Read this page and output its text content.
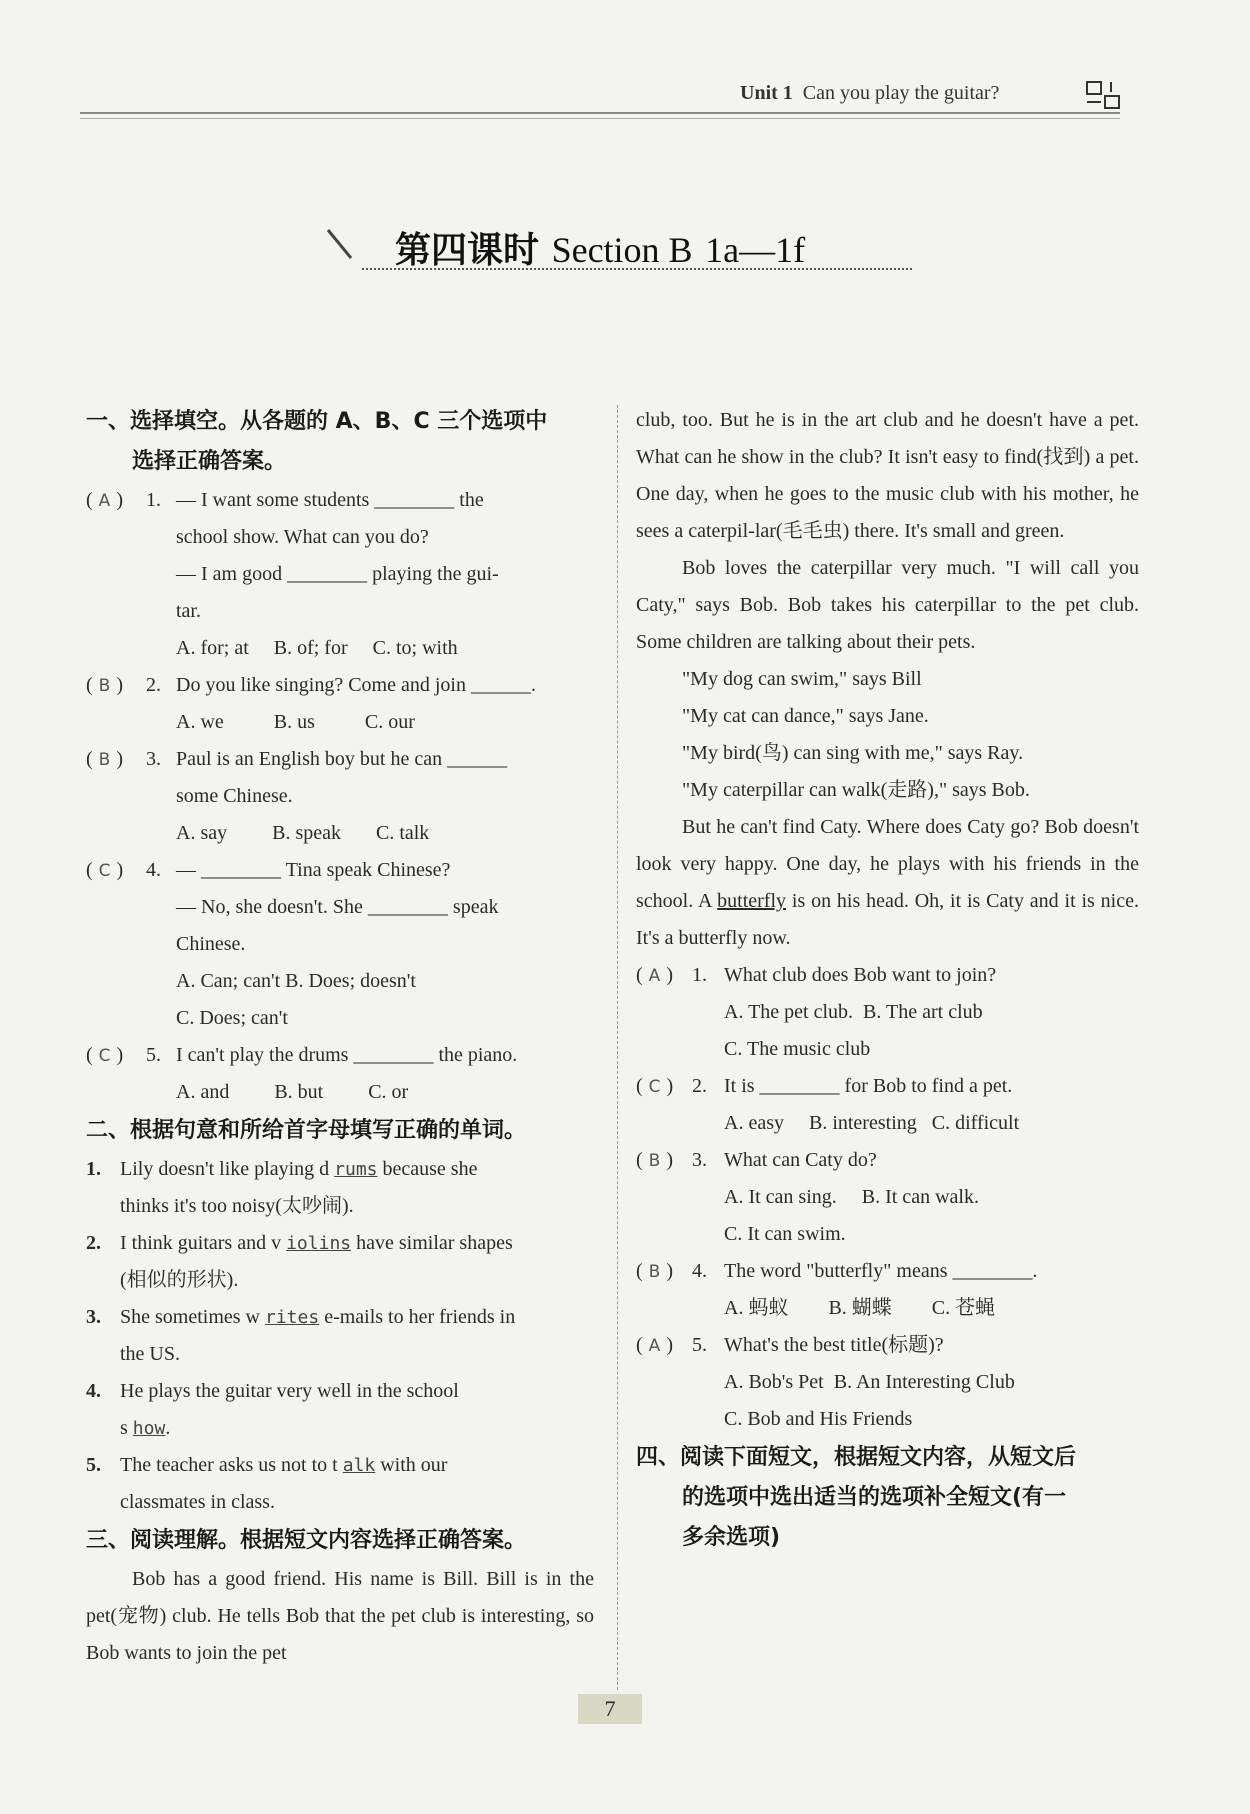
Unit 1 Can you play the guitar?
第四课时 Section B 1a—1f
一、选择填空。从各题的 A、B、C 三个选项中
选择正确答案。
( A ) 1. — I want some students ________ the
school show. What can you do?
— I am good ________ playing the gui-
tar.
A. for; at     B. of; for     C. to; with
( B ) 2. Do you like singing? Come and join ______.
A. we          B. us          C. our
( B ) 3. Paul is an English boy but he can ______
some Chinese.
A. say         B. speak       C. talk
( C ) 4. — ________ Tina speak Chinese?
— No, she doesn't. She ________ speak
Chinese.
A. Can; can't B. Does; doesn't
C. Does; can't
( C ) 5. I can't play the drums ________ the piano.
A. and         B. but         C. or
二、根据句意和所给首字母填写正确的单词。
1. Lily doesn't like playing d rums because she
thinks it's too noisy(太吵闹).
2. I think guitars and v iolins have similar shapes
(相似的形状).
3. She sometimes w rites e-mails to her friends in
the US.
4. He plays the guitar very well in the school
s how.
5. The teacher asks us not to t alk with our
classmates in class.
三、阅读理解。根据短文内容选择正确答案。
Bob has a good friend. His name is Bill. Bill is in the pet(宠物) club. He tells Bob that the pet club is interesting, so Bob wants to join the pet
club, too. But he is in the art club and he doesn't have a pet. What can he show in the club? It isn't easy to find(找到) a pet. One day, when he goes to the music club with his mother, he sees a caterpil-lar(毛毛虫) there. It's small and green.
Bob loves the caterpillar very much. "I will call you Caty," says Bob. Bob takes his caterpillar to the pet club. Some children are talking about their pets.
"My dog can swim," says Bill
"My cat can dance," says Jane.
"My bird(鸟) can sing with me," says Ray.
"My caterpillar can walk(走路)," says Bob.
But he can't find Caty. Where does Caty go? Bob doesn't look very happy. One day, he plays with his friends in the school. A butterfly is on his head. Oh, it is Caty and it is nice. It's a butterfly now.
( A ) 1. What club does Bob want to join?
A. The pet club.  B. The art club
C. The music club
( C ) 2. It is ________ for Bob to find a pet.
A. easy     B. interesting   C. difficult
( B ) 3. What can Caty do?
A. It can sing.     B. It can walk.
C. It can swim.
( B ) 4. The word "butterfly" means ________.
A. 蚂蚁        B. 蝴蝶        C. 苍蝇
( A ) 5. What's the best title(标题)?
A. Bob's Pet  B. An Interesting Club
C. Bob and His Friends
四、阅读下面短文，根据短文内容，从短文后
的选项中选出适当的选项补全短文(有一
多余选项)
7
